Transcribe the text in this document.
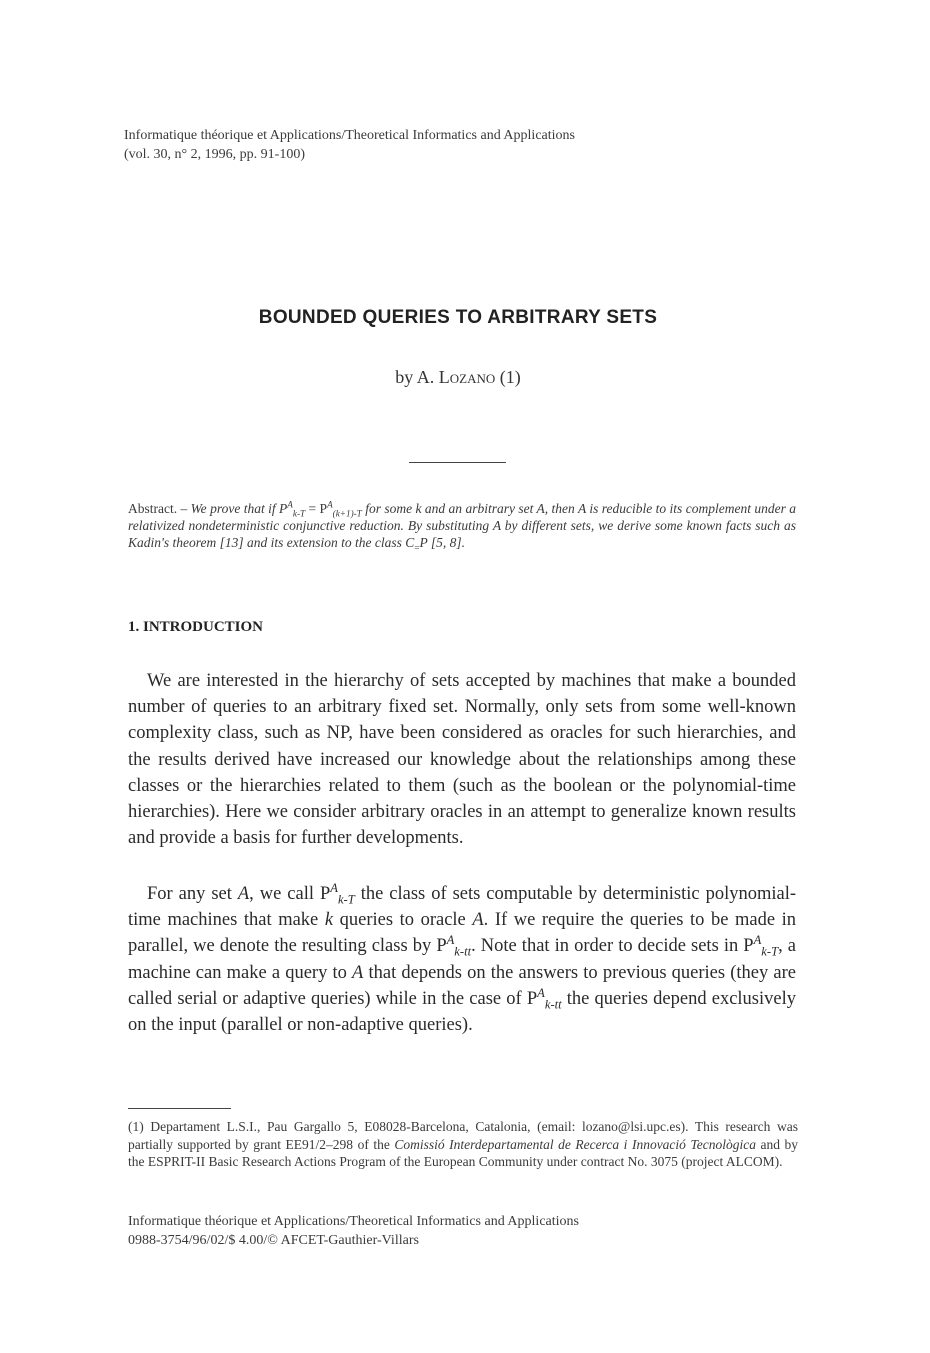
Informatique théorique et Applications/Theoretical Informatics and Applications
(vol. 30, n° 2, 1996, pp. 91-100)
BOUNDED QUERIES TO ARBITRARY SETS
by A. Lozano (1)
Abstract. – We prove that if $P^A_{k-T} = P^A_{(k+1)-T}$ for some k and an arbitrary set A, then A is reducible to its complement under a relativized nondeterministic conjunctive reduction. By substituting A by different sets, we derive some known facts such as Kadin's theorem [13] and its extension to the class $C_=P$ [5, 8].
1. INTRODUCTION
We are interested in the hierarchy of sets accepted by machines that make a bounded number of queries to an arbitrary fixed set. Normally, only sets from some well-known complexity class, such as NP, have been considered as oracles for such hierarchies, and the results derived have increased our knowledge about the relationships among these classes or the hierarchies related to them (such as the boolean or the polynomial-time hierarchies). Here we consider arbitrary oracles in an attempt to generalize known results and provide a basis for further developments.
For any set A, we call $P^A_{k-T}$ the class of sets computable by deterministic polynomial-time machines that make k queries to oracle A. If we require the queries to be made in parallel, we denote the resulting class by $P^A_{k-tt}$. Note that in order to decide sets in $P^A_{k-T}$, a machine can make a query to A that depends on the answers to previous queries (they are called serial or adaptive queries) while in the case of $P^A_{k-tt}$ the queries depend exclusively on the input (parallel or non-adaptive queries).
(1) Departament L.S.I., Pau Gargallo 5, E08028-Barcelona, Catalonia, (email: lozano@lsi.upc.es). This research was partially supported by grant EE91/2–298 of the Comissió Interdepartamental de Recerca i Innovació Tecnològica and by the ESPRIT-II Basic Research Actions Program of the European Community under contract No. 3075 (project ALCOM).
Informatique théorique et Applications/Theoretical Informatics and Applications
0988-3754/96/02/$ 4.00/© AFCET-Gauthier-Villars
